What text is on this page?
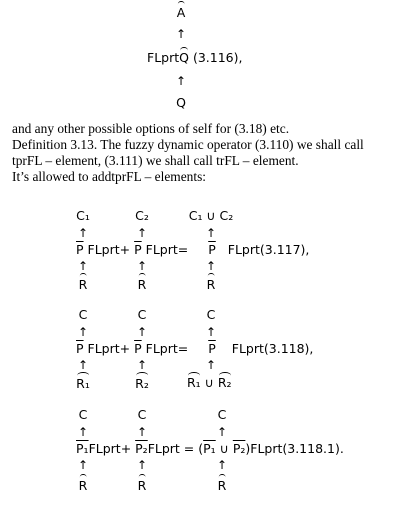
A
↑
FLprtQ (3.116),
↑
Q
and any other possible options of self for (3.18) etc.
Definition 3.13. The fuzzy dynamic operator (3.110) we shall call
tprFL – element, (3.111) we shall call trFL – element.
It’s allowed to addtprFL – elements:
C₁	C₂	C₁ ∪ C₂
↑	↑	↑
$\overline{P}$ FLprt+ $\overline{P}$ FLprt= $\overline{P}$ FLprt(3.117),
↑	↑	↑
R	R	R
C	C	C
↑	↑	↑
$\overline{P}$ FLprt+ $\overline{P}$ FLprt= $\overline{P}$ FLprt(3.118),
↑	↑	↑
R₁	R₂	R₁ ∪ R₂
C	C	C
↑	↑	↑
P₁FLprt+ P₂FLprt = (P₁ ∪ P₂)FLprt(3.118.1).
↑	↑	↑
R	R	R
